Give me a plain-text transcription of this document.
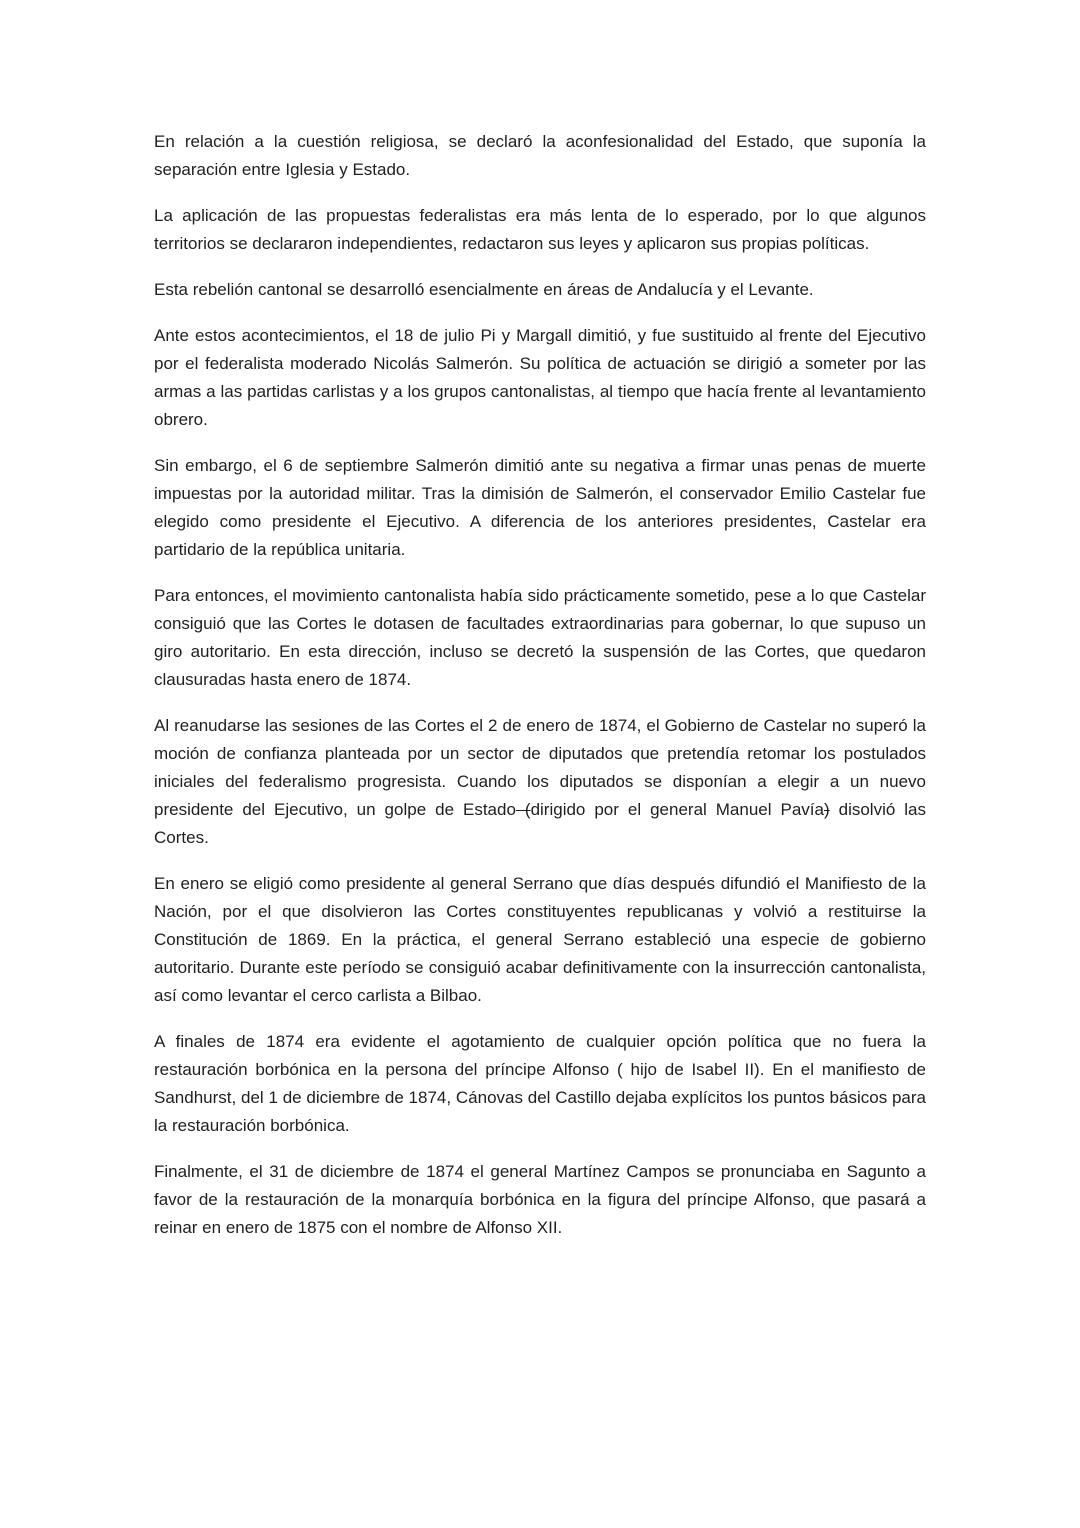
En relación a la cuestión religiosa, se declaró la aconfesionalidad del Estado, que suponía la separación entre Iglesia y Estado.

La aplicación de las propuestas federalistas era más lenta de lo esperado, por lo que algunos territorios se declararon independientes, redactaron sus leyes y aplicaron sus propias políticas.

Esta rebelión cantonal se desarrolló esencialmente en áreas de Andalucía y el Levante.

Ante estos acontecimientos, el 18 de julio Pi y Margall dimitió, y fue sustituido al frente del Ejecutivo por el federalista moderado Nicolás Salmerón. Su política de actuación se dirigió a someter por las armas a las partidas carlistas y a los grupos cantonalistas, al tiempo que hacía frente al levantamiento obrero.

Sin embargo, el 6 de septiembre Salmerón dimitió ante su negativa a firmar unas penas de muerte impuestas por la autoridad militar. Tras la dimisión de Salmerón, el conservador Emilio Castelar fue elegido como presidente el Ejecutivo. A diferencia de los anteriores presidentes, Castelar era partidario de la república unitaria.

Para entonces, el movimiento cantonalista había sido prácticamente sometido, pese a lo que Castelar consiguió que las Cortes le dotasen de facultades extraordinarias para gobernar, lo que supuso un giro autoritario. En esta dirección, incluso se decretó la suspensión de las Cortes, que quedaron clausuradas hasta enero de 1874.

Al reanudarse las sesiones de las Cortes el 2 de enero de 1874, el Gobierno de Castelar no superó la moción de confianza planteada por un sector de diputados que pretendía retomar los postulados iniciales del federalismo progresista. Cuando los diputados se disponían a elegir a un nuevo presidente del Ejecutivo, un golpe de Estado (dirigido por el general Manuel Pavía) disolvió las Cortes.

En enero se eligió como presidente al general Serrano que días después difundió el Manifiesto de la Nación, por el que disolvieron las Cortes constituyentes republicanas y volvió a restituirse la Constitución de 1869. En la práctica, el general Serrano estableció una especie de gobierno autoritario. Durante este período se consiguió acabar definitivamente con la insurrección cantonalista, así como levantar el cerco carlista a Bilbao.

A finales de 1874 era evidente el agotamiento de cualquier opción política que no fuera la restauración borbónica en la persona del príncipe Alfonso ( hijo de Isabel II). En el manifiesto de Sandhurst, del 1 de diciembre de 1874, Cánovas del Castillo dejaba explícitos los puntos básicos para la restauración borbónica.

Finalmente, el 31 de diciembre de 1874 el general Martínez Campos se pronunciaba en Sagunto a favor de la restauración de la monarquía borbónica en la figura del príncipe Alfonso, que pasará a reinar en enero de 1875 con el nombre de Alfonso XII.
